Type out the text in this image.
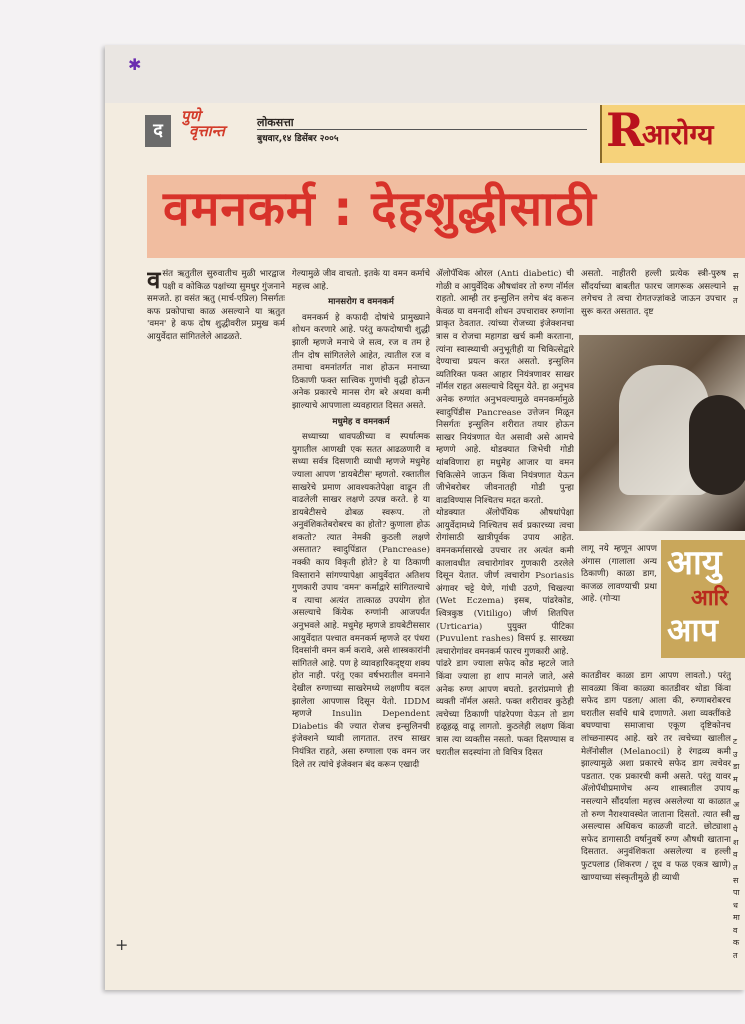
✱
द
पुणे
वृत्तान्त	लोकसत्ता
बुधवार,१४ डिसेंबर २००५	R
आरोग्य
वमनकर्म : देहशुद्धीसाठी

वसंत ऋतुतील सुरुवातीच मुळी भारद्वाज पक्षी व कोकिळ पक्षांच्या सुमधुर गुंजनाने समजते. हा वसंत ऋतु (मार्च-एप्रिल) निसर्गतः कफ प्रकोपाचा काळ असल्याने या ऋतुत 'वमन' हे कफ दोष शुद्धीवरील प्रमुख कर्म आयुर्वेदात सांगितलेले आढळते.

गेल्यामुळे जीव वाचतो. इतके या वमन कर्माचे महत्त्व आहे.

मानसरोग व वमनकर्म

वमनकर्म हे कफादी दोषांचे प्रामुख्याने शोधन करणारे आहे. परंतु कफदोषाची शुद्धी झाली म्हणजे मनाचे जे सत्व, रज व तम हे तीन दोष सांगितलेले आहेत, त्यातील रज व तमाचा वमनांतर्गत नाश होऊन मनाच्या ठिकाणी फक्त सात्त्विक गुणांची वृद्धी होऊन अनेक प्रकारचे मानस रोग बरे अथवा कमी झाल्याचे आपणाला व्यवहारात दिसत असते.

मधुमेह व वमनकर्म

सध्याच्या धावपळीच्या व स्पर्धात्मक युगातील आणखी एक सतत आढळणारी व सध्या सर्वत्र दिसणारी व्याधी म्हणजे मधुमेह ज्याला आपण 'डायबेटीस' म्हणतो. रक्तातील साखरेचे प्रमाण आवश्यकतेपेक्षा वाढून ती वाढलेली साखर लक्षणे उत्पन्न करते. हे या डायबेटीसचे ढोबळ स्वरूप. तो अनुवंशिकतेबरोबरच का होतो? कुणाला होऊ शकतो? त्यात नेमकी कुठली लक्षणे असतात? स्वादुपिंडात (Pancrease) नक्की काय विकृती होते? हे या ठिकाणी विस्ताराने सांगण्यापेक्षा आयुर्वेदात अतिशय गुणकारी उपाय 'वमन' कर्माद्वारे सांगितल्याचे व त्याचा अत्यंत तात्काळ उपयोग होत असल्याचे किंयेक रुग्णांनी आजपर्यंत अनुभवले आहे. मधुमेह म्हणजे डायबेटीससार आयुर्वेदात पश्चात वमनकर्म म्हणजे दर पंधरा दिवसांनी वमन कर्म करावे, असे शास्त्रकारांनी सांगितले आहे. पण हे व्यावहारिकदृष्ट्या शक्य होत नाही. परंतु एका वर्षभरातील वमनाने देखील रुग्णाच्या साखरेमध्ये लक्षणीय बदल झालेला आपणास दिसून येतो. IDDM म्हणजे Insulin Dependent Diabetis की ज्यात रोजच इन्सुलिनची इंजेक्शने घ्यावी लागतात. तरच साखर नियंत्रित राहते, असा रुग्णाला एक वमन जर दिले तर त्यांचे इंजेक्शन बंद करून एखादी

ॲलोपॅथिक ओरल (Anti diabetic) ची गोळी व आयुर्वेदिक औषधांवर तो रुग्ण नॉर्मल राहतो. आम्ही तर इन्सुलिन लगेच बंद करून केवळ या वमनादी शोधन उपचारावर रुग्णांना प्राकृत ठेवतात. त्यांच्या रोजच्या इंजेक्शनचा त्रास व रोजचा महागडा खर्च कमी करताना, त्यांना स्वास्थ्याची अनुभूतीही या चिकित्सेद्वारे देण्याचा प्रयत्न करत असतो. इन्सुलिन व्यतिरिक्त फक्त आहार नियंत्रणावर साखर नॉर्मल राहत असल्याचे दिसून येते. हा अनुभव अनेक रुग्णांत अनुभवल्यामुळे वमनकर्मामुळे स्वादुपिंडीस Pancrease उत्तेजन मिळून निसर्गतः इन्सुलिन शरीरात तयार होऊन साखर नियंत्रणात येत असावी असे आमचे म्हणणे आहे. थोडक्यात जिभेची गोडी थांबविणारा हा मधुमेह आजार या वमन चिकित्सेने जाऊन किंवा नियंत्रणात येऊन जीभेबरोबर जीवनातही गोडी पुन्हा वाढविण्यास निश्चितच मदत करतो.
थोडक्यात ॲलोपॅथिक औषधांपेक्षा आयुर्वेदामध्ये निश्चितच सर्व प्रकारच्या त्वचा रोगांसाठी खात्रीपूर्वक उपाय आहेत. वमनकर्मासारखे उपचार तर अत्यंत कमी कालावधीत त्वचारोगांवर गुणकारी ठरलेले दिसून येतात. जीर्ण त्वचारोग Psoriasis अंगावर चट्टे येणे, गांधी उठणे, चिखल्या (Wet Eczema) इसब, पांढरेकोड, श्वित्रकुष्ठ (Vitiligo) जीर्ण शितपित्त (Urticaria) पुयुक्त पीटिका (Puvulent rashes) विसर्प इ. सारख्या त्वचारोगांवर वमनकर्म फारच गुणकारी आहे.
पांढरे डाग ज्याला सफेद कोड म्हटले जाते किंवा ज्याला हा शाप मानले जाते, असे अनेक रुग्ण आपण बघतो. इतरांप्रमाणे ही व्यक्ती नॉर्मल असते. फक्त शरीरावर कुठेही त्वचेच्या ठिकाणी पांढरेपणा येऊन तो डाग हळूहळू वाढू लागतो. कुठलेही लक्षण किंवा त्रास त्या व्यक्तीस नसतो. फक्त दिसण्यास व घरातील सदस्यांना तो विचित्र दिसत

असतो. नाहीतरी हल्ली प्रत्येक स्त्री-पुरुष सौंदर्याच्या बाबतीत फारच जागरूक असल्याने लगेचच ते त्वचा रोगतज्ज्ञांकडे जाऊन उपचार सुरू करत असतात. दृष्ट

लागू नये म्हणून आपण अंगास (गालाला अन्य ठिकाणी) काळा डाग, काजळ लावण्याची प्रथा आहे. (गोऱ्या
आयु
आरि
आप

कातडीवर काळा डाग आपण लावतो.) परंतु सावळ्या किंवा काळ्या कातडीवर थोडा किंवा सफेद डाग पडला/ आला की, रुग्णाबरोबरच घरातील सर्वांचे धाबे दणाणते. अशा व्यक्तींकडे बघण्याचा समाजाचा एकूण दृष्टिकोनच लांच्छनास्पद आहे. खरे तर त्वचेच्या खालील मेलॅनोसील (Melanocil) हे रंगद्रव्य कमी झाल्यामुळे अशा प्रकारचे सफेद डाग त्वचेवर पडतात. एक प्रकारची कमी असते. परंतु यावर ॲलोपॅथीप्रमाणेच अन्य शास्त्रातील उपाय नसल्याने सौंदर्याला महत्त्व असलेल्या या काळात तो रुग्ण नैराश्यावस्थेत जाताना दिसतो. त्यात स्त्री असल्यास अधिकच काळजी वाटते. छोट्याशा सफेद डागासाठी वर्षानुवर्षे रुग्ण औषधी खाताना दिसतात. अनुवंशिकता असलेल्या व हल्ली फुटपलाड (शिकरण / दूध व फळ एकत्र खाणे) खाण्याच्या संस्कृतीमुळे ही व्याधी

स
स
त

ट
उ
डा
म
क
अ
ख
पे
श
व
त
स
पा
ध
मा
व
क
त
+
